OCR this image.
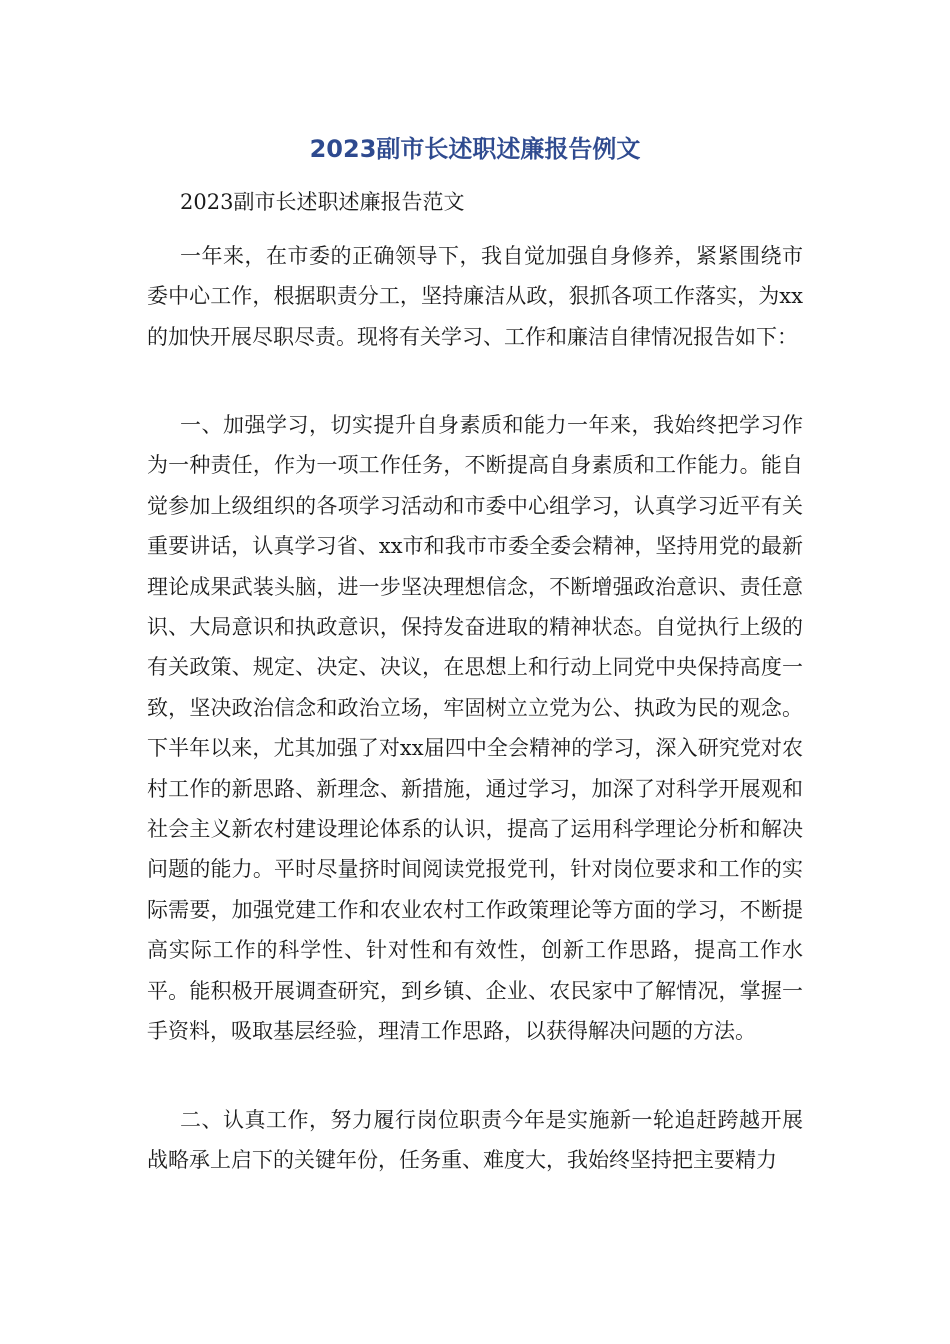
2023副市长述职述廉报告例文

2023副市长述职述廉报告范文

一年来，在市委的正确领导下，我自觉加强自身修养，紧紧围绕市委中心工作，根据职责分工，坚持廉洁从政，狠抓各项工作落实，为xx的加快开展尽职尽责。现将有关学习、工作和廉洁自律情况报告如下：

一、加强学习，切实提升自身素质和能力一年来，我始终把学习作为一种责任，作为一项工作任务，不断提高自身素质和工作能力。能自觉参加上级组织的各项学习活动和市委中心组学习，认真学习近平有关重要讲话，认真学习省、xx市和我市市委全委会精神，坚持用党的最新理论成果武装头脑，进一步坚决理想信念，不断增强政治意识、责任意识、大局意识和执政意识，保持发奋进取的精神状态。自觉执行上级的有关政策、规定、决定、决议，在思想上和行动上同党中央保持高度一致，坚决政治信念和政治立场，牢固树立立党为公、执政为民的观念。下半年以来，尤其加强了对xx届四中全会精神的学习，深入研究党对农村工作的新思路、新理念、新措施，通过学习，加深了对科学开展观和社会主义新农村建设理论体系的认识，提高了运用科学理论分析和解决问题的能力。平时尽量挤时间阅读党报党刊，针对岗位要求和工作的实际需要，加强党建工作和农业农村工作政策理论等方面的学习，不断提高实际工作的科学性、针对性和有效性，创新工作思路，提高工作水平。能积极开展调查研究，到乡镇、企业、农民家中了解情况，掌握一手资料，吸取基层经验，理清工作思路，以获得解决问题的方法。

二、认真工作，努力履行岗位职责今年是实施新一轮追赶跨越开展战略承上启下的关键年份，任务重、难度大，我始终坚持把主要精力
